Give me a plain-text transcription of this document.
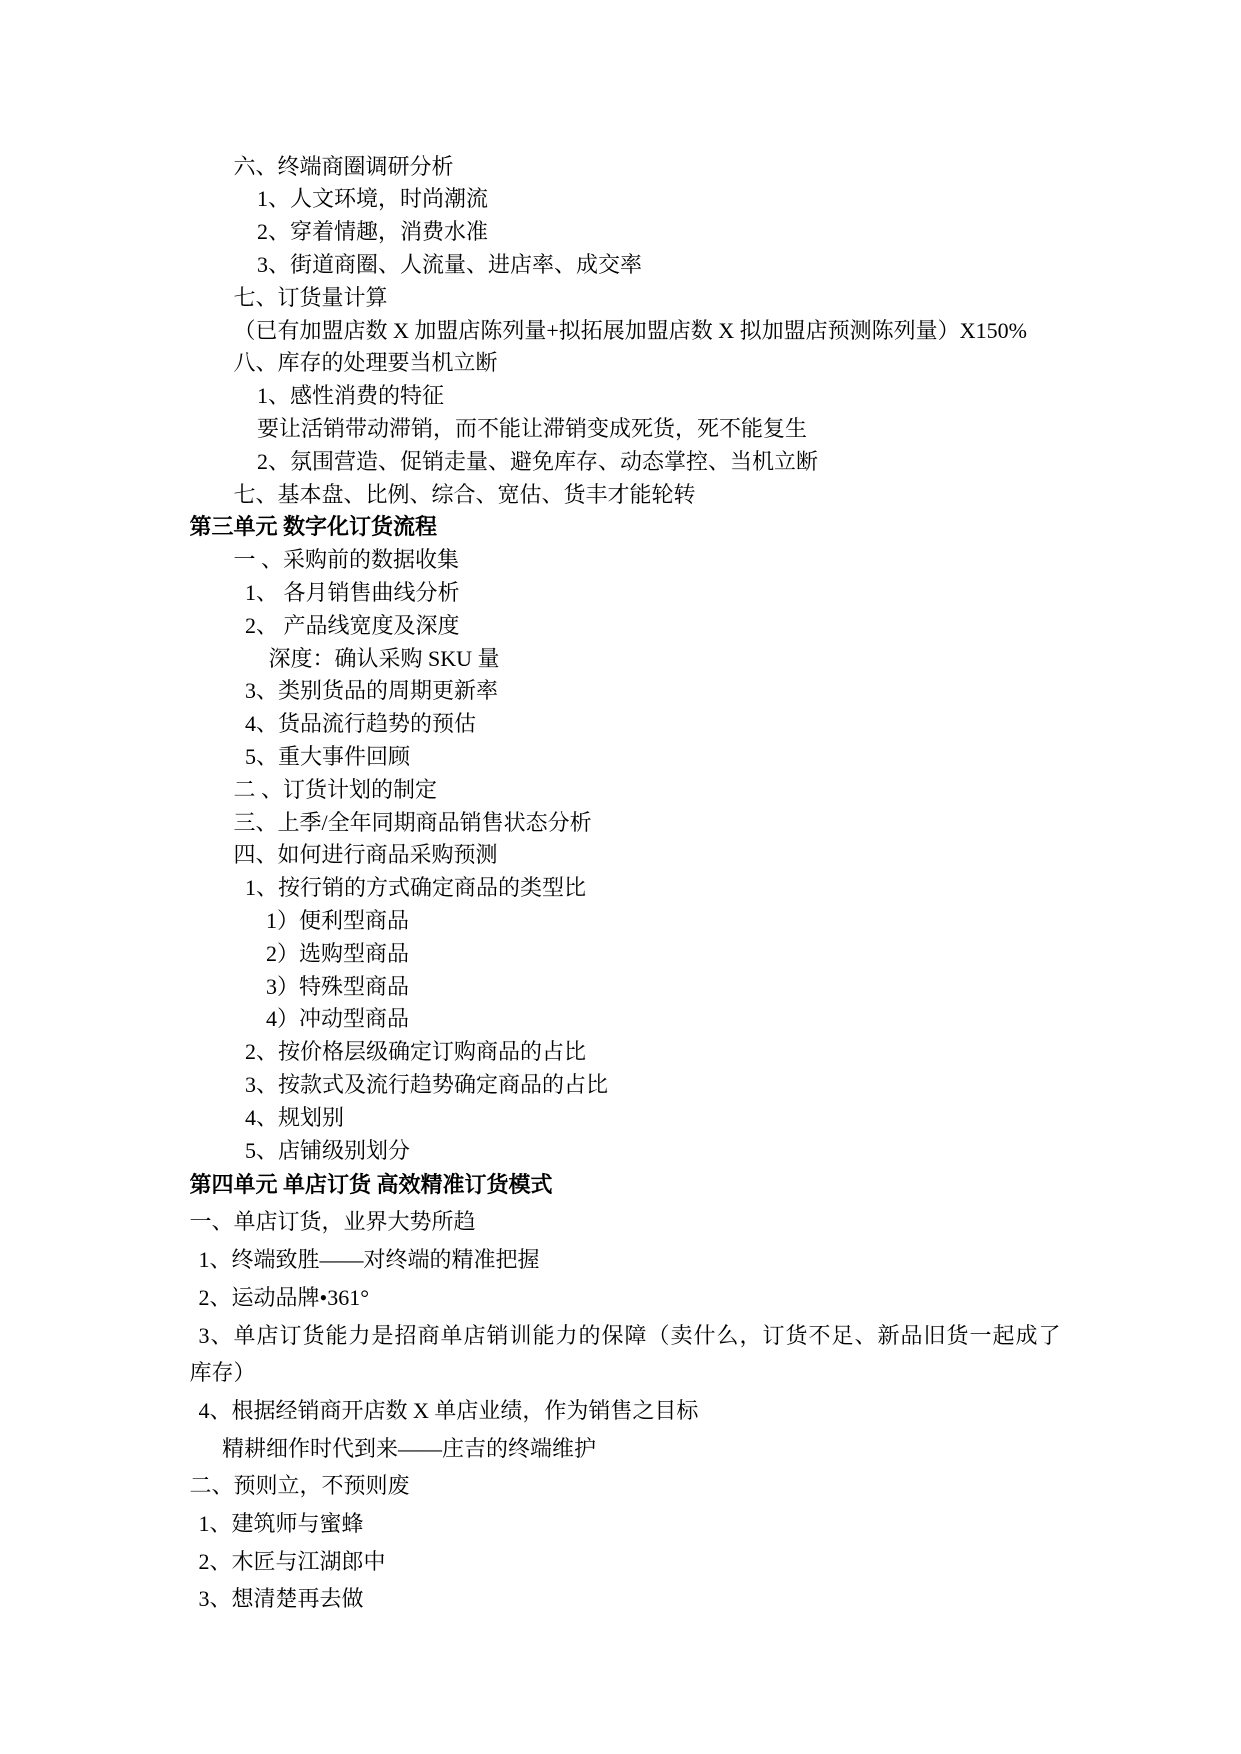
六、终端商圈调研分析
1、人文环境，时尚潮流
2、穿着情趣，消费水准
3、街道商圈、人流量、进店率、成交率
七、订货量计算
（已有加盟店数 X 加盟店陈列量+拟拓展加盟店数 X 拟加盟店预测陈列量）X150%
八、库存的处理要当机立断
1、感性消费的特征
要让活销带动滞销，而不能让滞销变成死货，死不能复生
2、氛围营造、促销走量、避免库存、动态掌控、当机立断
七、基本盘、比例、综合、宽估、货丰才能轮转
第三单元 数字化订货流程
一 、采购前的数据收集
1、 各月销售曲线分析
2、 产品线宽度及深度
深度：确认采购 SKU 量
3、类别货品的周期更新率
4、货品流行趋势的预估
5、重大事件回顾
二 、订货计划的制定
三、上季/全年同期商品销售状态分析
四、如何进行商品采购预测
1、按行销的方式确定商品的类型比
1）便利型商品
2）选购型商品
3）特殊型商品
4）冲动型商品
2、按价格层级确定订购商品的占比
3、按款式及流行趋势确定商品的占比
4、规划别
5、店铺级别划分
第四单元 单店订货 高效精准订货模式
一、单店订货，业界大势所趋
1、终端致胜——对终端的精准把握
2、运动品牌•361°
3、单店订货能力是招商单店销训能力的保障（卖什么，订货不足、新品旧货一起成了
库存）
4、根据经销商开店数 X 单店业绩，作为销售之目标
精耕细作时代到来——庄吉的终端维护
二、预则立，不预则废
1、建筑师与蜜蜂
2、木匠与江湖郎中
3、想清楚再去做
